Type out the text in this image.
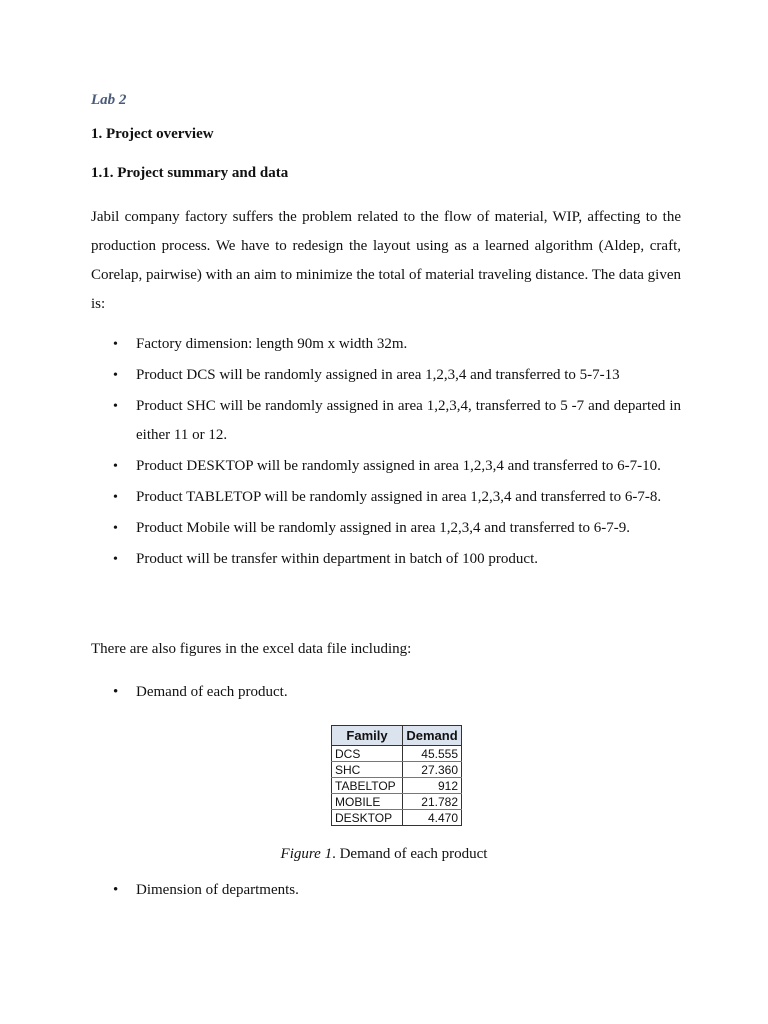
Lab 2
1. Project overview
1.1. Project summary and data
Jabil company factory suffers the problem related to the flow of material, WIP, affecting to the production process. We have to redesign the layout using as a learned algorithm (Aldep, craft, Corelap, pairwise) with an aim to minimize the total of material traveling distance. The data given is:
• Factory dimension: length 90m x width 32m.
• Product DCS will be randomly assigned in area 1,2,3,4 and transferred to 5-7-13
• Product SHC will be randomly assigned in area 1,2,3,4, transferred to 5 -7 and departed in either 11 or 12.
• Product DESKTOP will be randomly assigned in area 1,2,3,4 and transferred to 6-7-10.
• Product TABLETOP will be randomly assigned in area 1,2,3,4 and transferred to 6-7-8.
• Product Mobile will be randomly assigned in area 1,2,3,4 and transferred to 6-7-9.
• Product will be transfer within department in batch of 100 product.
There are also figures in the excel data file including:
• Demand of each product.
Family	Demand
DCS	45.555
SHC	27.360
TABELTOP	912
MOBILE	21.782
DESKTOP	4.470
Figure 1. Demand of each product
• Dimension of departments.
